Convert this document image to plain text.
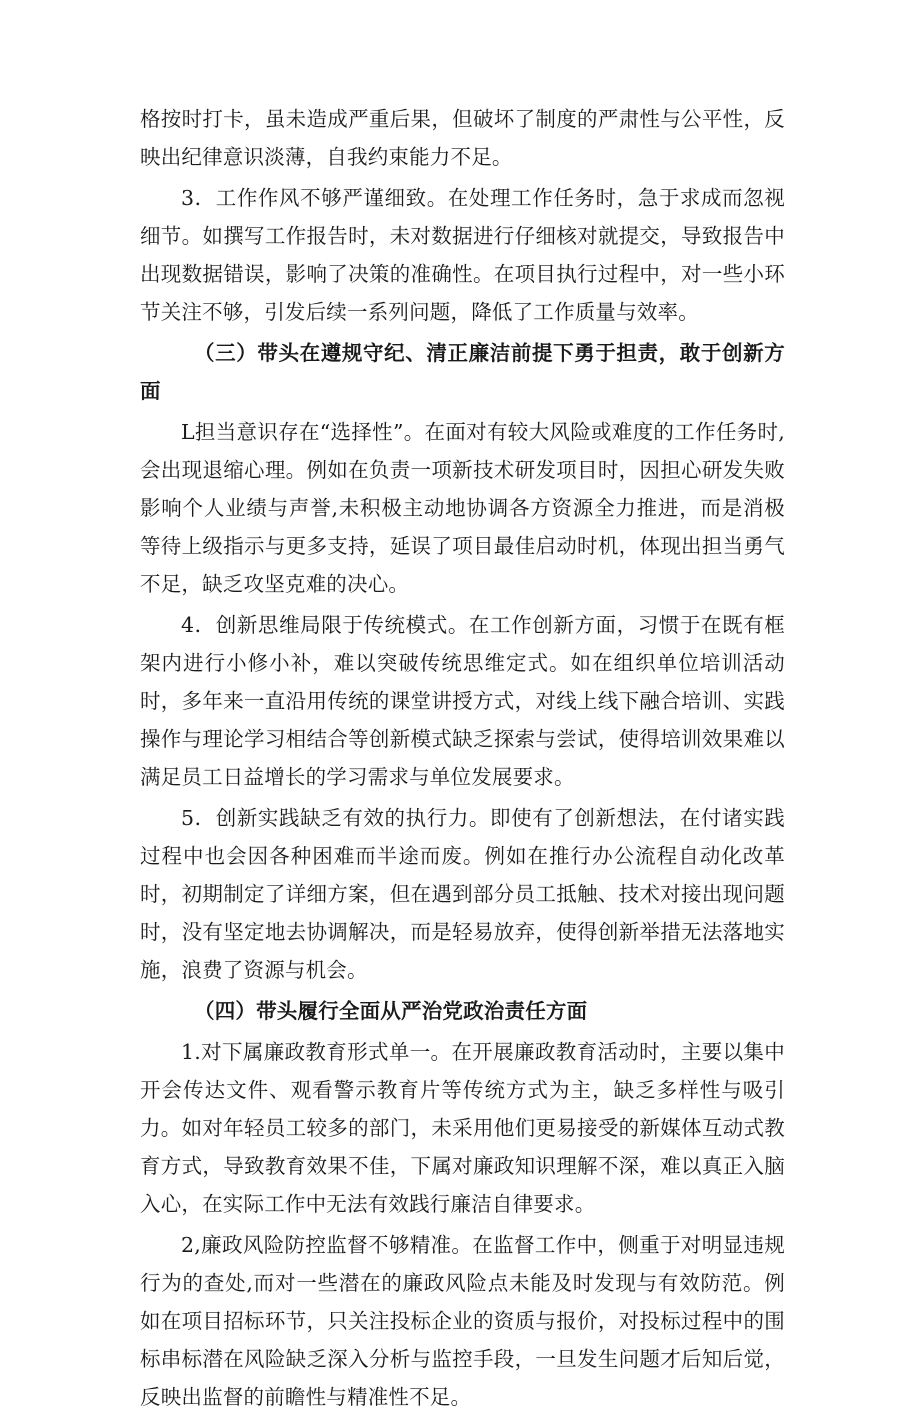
格按时打卡，虽未造成严重后果，但破坏了制度的严肃性与公平性，反映出纪律意识淡薄，自我约束能力不足。

3．工作作风不够严谨细致。在处理工作任务时，急于求成而忽视细节。如撰写工作报告时，未对数据进行仔细核对就提交，导致报告中出现数据错误，影响了决策的准确性。在项目执行过程中，对一些小环节关注不够，引发后续一系列问题，降低了工作质量与效率。

（三）带头在遵规守纪、清正廉洁前提下勇于担责，敢于创新方面

L担当意识存在“选择性”。在面对有较大风险或难度的工作任务时,会出现退缩心理。例如在负责一项新技术研发项目时，因担心研发失败影响个人业绩与声誉,未积极主动地协调各方资源全力推进，而是消极等待上级指示与更多支持，延误了项目最佳启动时机，体现出担当勇气不足，缺乏攻坚克难的决心。

4．创新思维局限于传统模式。在工作创新方面，习惯于在既有框架内进行小修小补，难以突破传统思维定式。如在组织单位培训活动时，多年来一直沿用传统的课堂讲授方式，对线上线下融合培训、实践操作与理论学习相结合等创新模式缺乏探索与尝试，使得培训效果难以满足员工日益增长的学习需求与单位发展要求。

5．创新实践缺乏有效的执行力。即使有了创新想法，在付诸实践过程中也会因各种困难而半途而废。例如在推行办公流程自动化改革时，初期制定了详细方案，但在遇到部分员工抵触、技术对接出现问题时，没有坚定地去协调解决，而是轻易放弃，使得创新举措无法落地实施，浪费了资源与机会。

（四）带头履行全面从严治党政治责任方面

1.对下属廉政教育形式单一。在开展廉政教育活动时，主要以集中开会传达文件、观看警示教育片等传统方式为主，缺乏多样性与吸引力。如对年轻员工较多的部门，未采用他们更易接受的新媒体互动式教育方式，导致教育效果不佳，下属对廉政知识理解不深，难以真正入脑入心，在实际工作中无法有效践行廉洁自律要求。

2,廉政风险防控监督不够精准。在监督工作中，侧重于对明显违规行为的查处,而对一些潜在的廉政风险点未能及时发现与有效防范。例如在项目招标环节，只关注投标企业的资质与报价，对投标过程中的围标串标潜在风险缺乏深入分析与监控手段，一旦发生问题才后知后觉，反映出监督的前瞻性与精准性不足。
